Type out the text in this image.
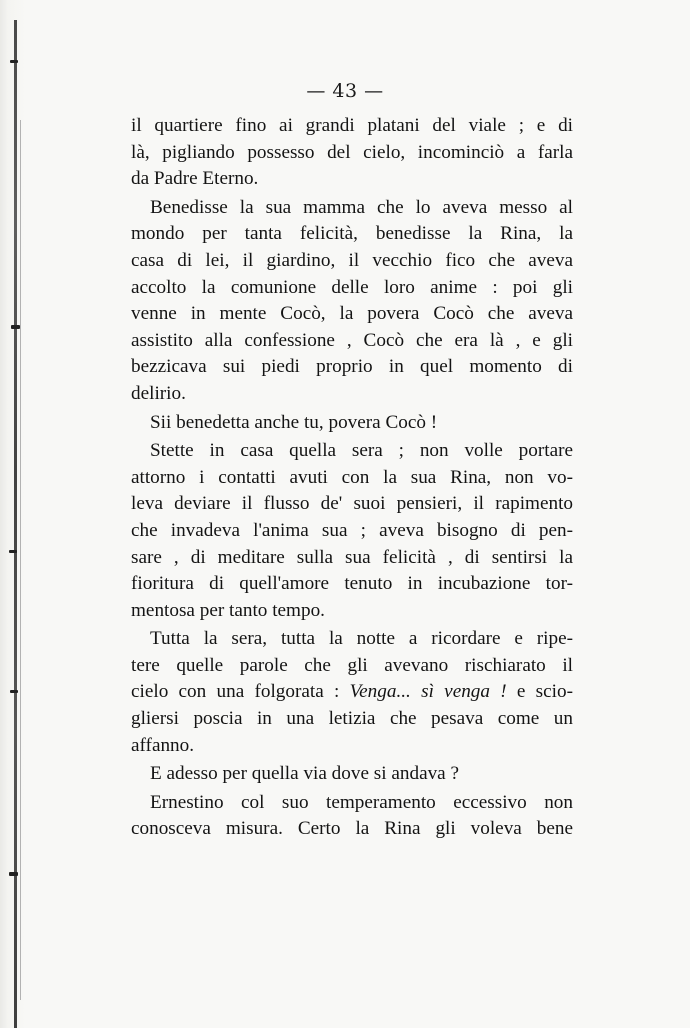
— 43 —
il quartiere fino ai grandi platani del viale ; e di
là, pigliando possesso del cielo, incominciò a farla
da Padre Eterno.
Benedisse la sua mamma che lo aveva messo al
mondo per tanta felicità, benedisse la Rina, la
casa di lei, il giardino, il vecchio fico che aveva
accolto la comunione delle loro anime : poi gli
venne in mente Cocò, la povera Cocò che aveva
assistito alla confessione , Cocò che era là , e gli
bezzicava sui piedi proprio in quel momento di
delirio.
Sii benedetta anche tu, povera Cocò !
Stette in casa quella sera ; non volle portare
attorno i contatti avuti con la sua Rina, non vo-
leva deviare il flusso de' suoi pensieri, il rapimento
che invadeva l'anima sua ; aveva bisogno di pen-
sare , di meditare sulla sua felicità , di sentirsi la
fioritura di quell'amore tenuto in incubazione tor-
mentosa per tanto tempo.
Tutta la sera, tutta la notte a ricordare e ripe-
tere quelle parole che gli avevano rischiarato il
cielo con una folgorata : Venga... sì venga ! e scio-
gliersi poscia in una letizia che pesava come un
affanno.
E adesso per quella via dove si andava ?
Ernestino col suo temperamento eccessivo non
conosceva misura. Certo la Rina gli voleva bene
